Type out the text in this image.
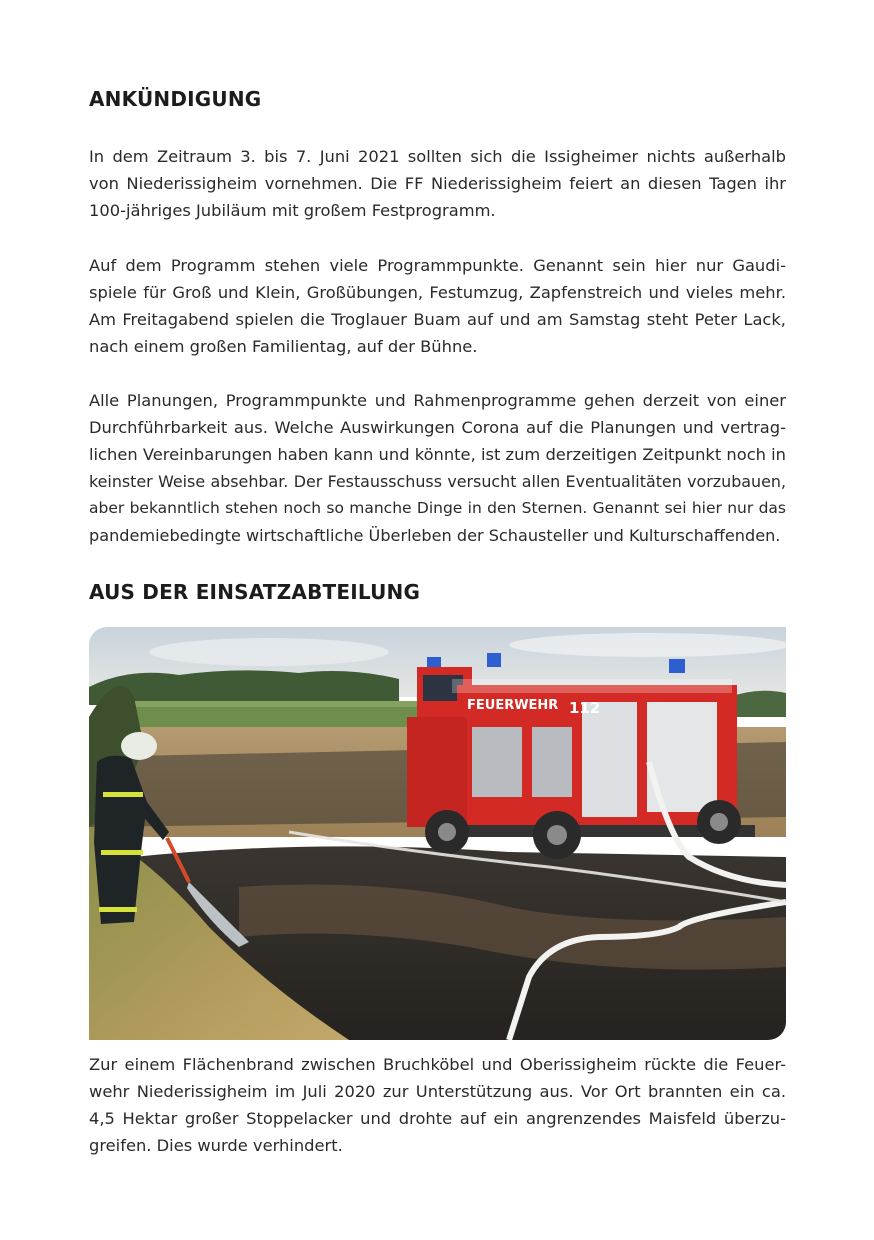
ANKÜNDIGUNG
In dem Zeitraum 3. bis 7. Juni 2021 sollten sich die Issigheimer nichts außerhalb
von Niederissigheim vornehmen. Die FF Niederissigheim feiert an diesen Tagen ihr
100-jähriges Jubiläum mit großem Festprogramm.
Auf dem Programm stehen viele Programmpunkte. Genannt sein hier nur Gaudi-
spiele für Groß und Klein, Großübungen, Festumzug, Zapfenstreich und vieles mehr.
Am Freitagabend spielen die Troglauer Buam auf und am Samstag steht Peter Lack,
nach einem großen Familientag, auf der Bühne.
Alle Planungen, Programmpunkte und Rahmenprogramme gehen derzeit von einer
Durchführbarkeit aus. Welche Auswirkungen Corona auf die Planungen und vertrag-
lichen Vereinbarungen haben kann und könnte, ist zum derzeitigen Zeitpunkt noch in
keinster Weise absehbar. Der Festausschuss versucht allen Eventualitäten vorzubauen,
aber bekanntlich stehen noch so manche Dinge in den Sternen. Genannt sei hier nur das
pandemiebedingte wirtschaftliche Überleben der Schausteller und Kulturschaffenden.
AUS DER EINSATZABTEILUNG
FEUERWEHR 112
Zur einem Flächenbrand zwischen Bruchköbel und Oberissigheim rückte die Feuer-
wehr Niederissigheim im Juli 2020 zur Unterstützung aus. Vor Ort brannten ein ca.
4,5 Hektar großer Stoppelacker und drohte auf ein angrenzendes Maisfeld überzu-
greifen. Dies wurde verhindert.
